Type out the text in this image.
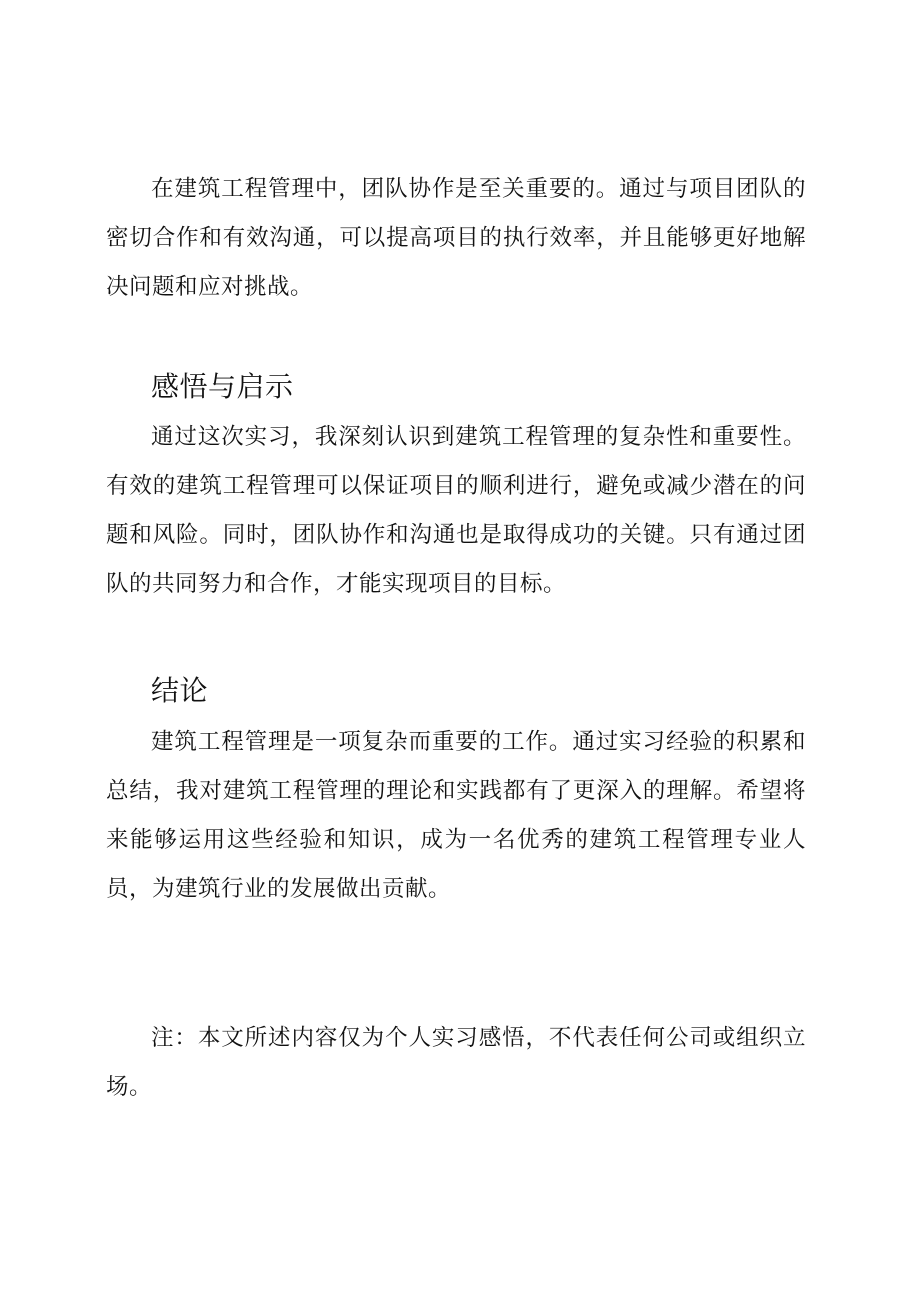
在建筑工程管理中，团队协作是至关重要的。通过与项目团队的密切合作和有效沟通，可以提高项目的执行效率，并且能够更好地解决问题和应对挑战。

感悟与启示

通过这次实习，我深刻认识到建筑工程管理的复杂性和重要性。有效的建筑工程管理可以保证项目的顺利进行，避免或减少潜在的问题和风险。同时，团队协作和沟通也是取得成功的关键。只有通过团队的共同努力和合作，才能实现项目的目标。

结论

建筑工程管理是一项复杂而重要的工作。通过实习经验的积累和总结，我对建筑工程管理的理论和实践都有了更深入的理解。希望将来能够运用这些经验和知识，成为一名优秀的建筑工程管理专业人员，为建筑行业的发展做出贡献。

注：本文所述内容仅为个人实习感悟，不代表任何公司或组织立场。
